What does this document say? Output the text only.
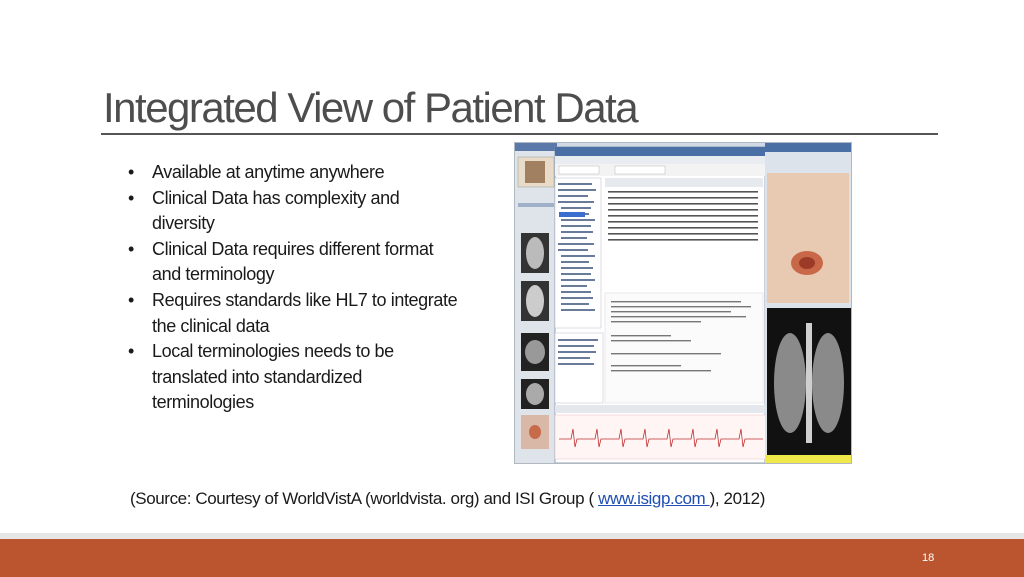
Integrated View of Patient Data
• Available at anytime anywhere
• Clinical Data has complexity and diversity
• Clinical Data requires different format and terminology
• Requires standards like HL7 to integrate the clinical data
• Local terminologies needs to be translated into standardized terminologies

(Source: Courtesy of WorldVistA (worldvista. org) and ISI Group ( www.isigp.com ), 2012)

18
